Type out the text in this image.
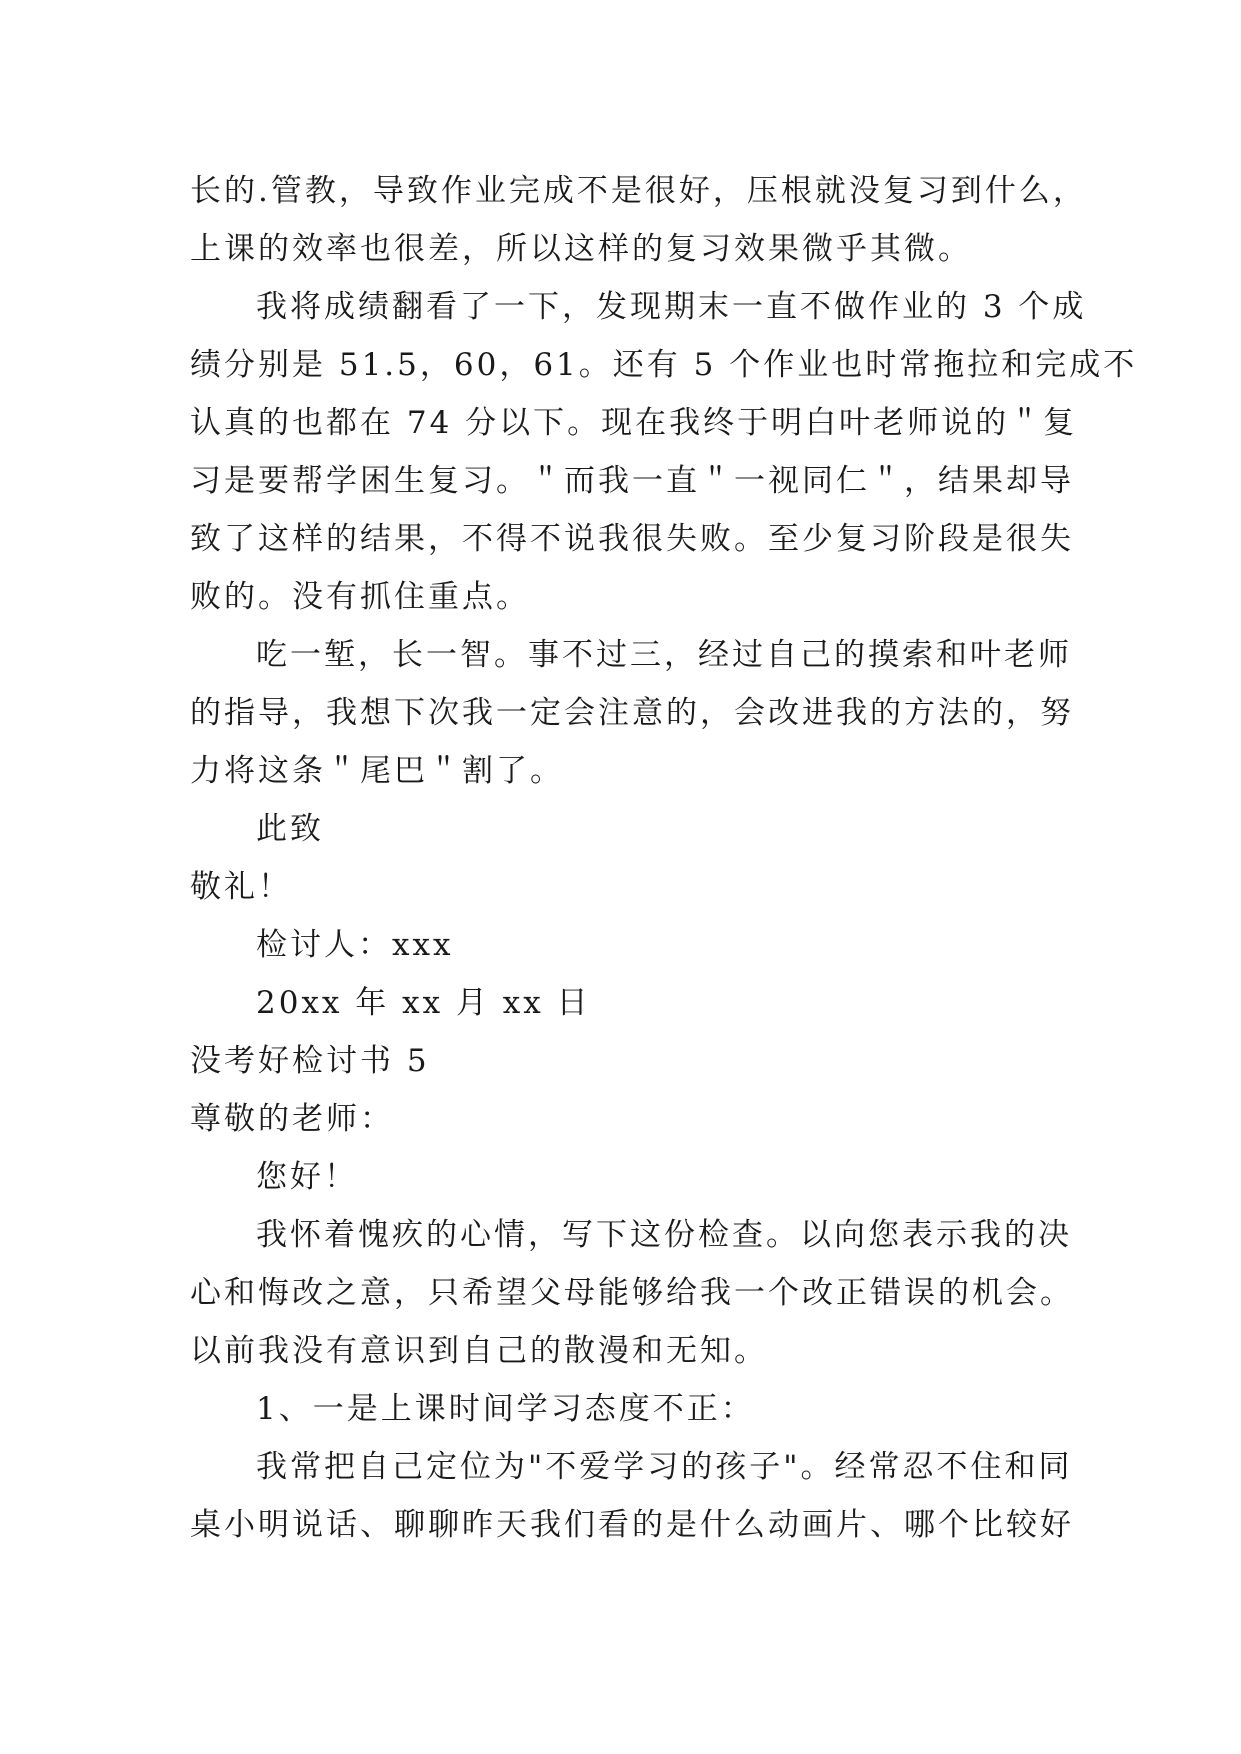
长的.管教，导致作业完成不是很好，压根就没复习到什么，
上课的效率也很差，所以这样的复习效果微乎其微。
我将成绩翻看了一下，发现期末一直不做作业的 3 个成
绩分别是 51.5，60，61。还有 5 个作业也时常拖拉和完成不
认真的也都在 74 分以下。现在我终于明白叶老师说的＂复
习是要帮学困生复习。＂而我一直＂一视同仁＂，结果却导
致了这样的结果，不得不说我很失败。至少复习阶段是很失
败的。没有抓住重点。
吃一堑，长一智。事不过三，经过自己的摸索和叶老师
的指导，我想下次我一定会注意的，会改进我的方法的，努
力将这条＂尾巴＂割了。
此致
敬礼！
检讨人：xxx
20xx 年 xx 月 xx 日
没考好检讨书 5
尊敬的老师：
您好！
我怀着愧疚的心情，写下这份检查。以向您表示我的决
心和悔改之意，只希望父母能够给我一个改正错误的机会。
以前我没有意识到自己的散漫和无知。
1、一是上课时间学习态度不正：
我常把自己定位为"不爱学习的孩子"。经常忍不住和同
桌小明说话、聊聊昨天我们看的是什么动画片、哪个比较好
